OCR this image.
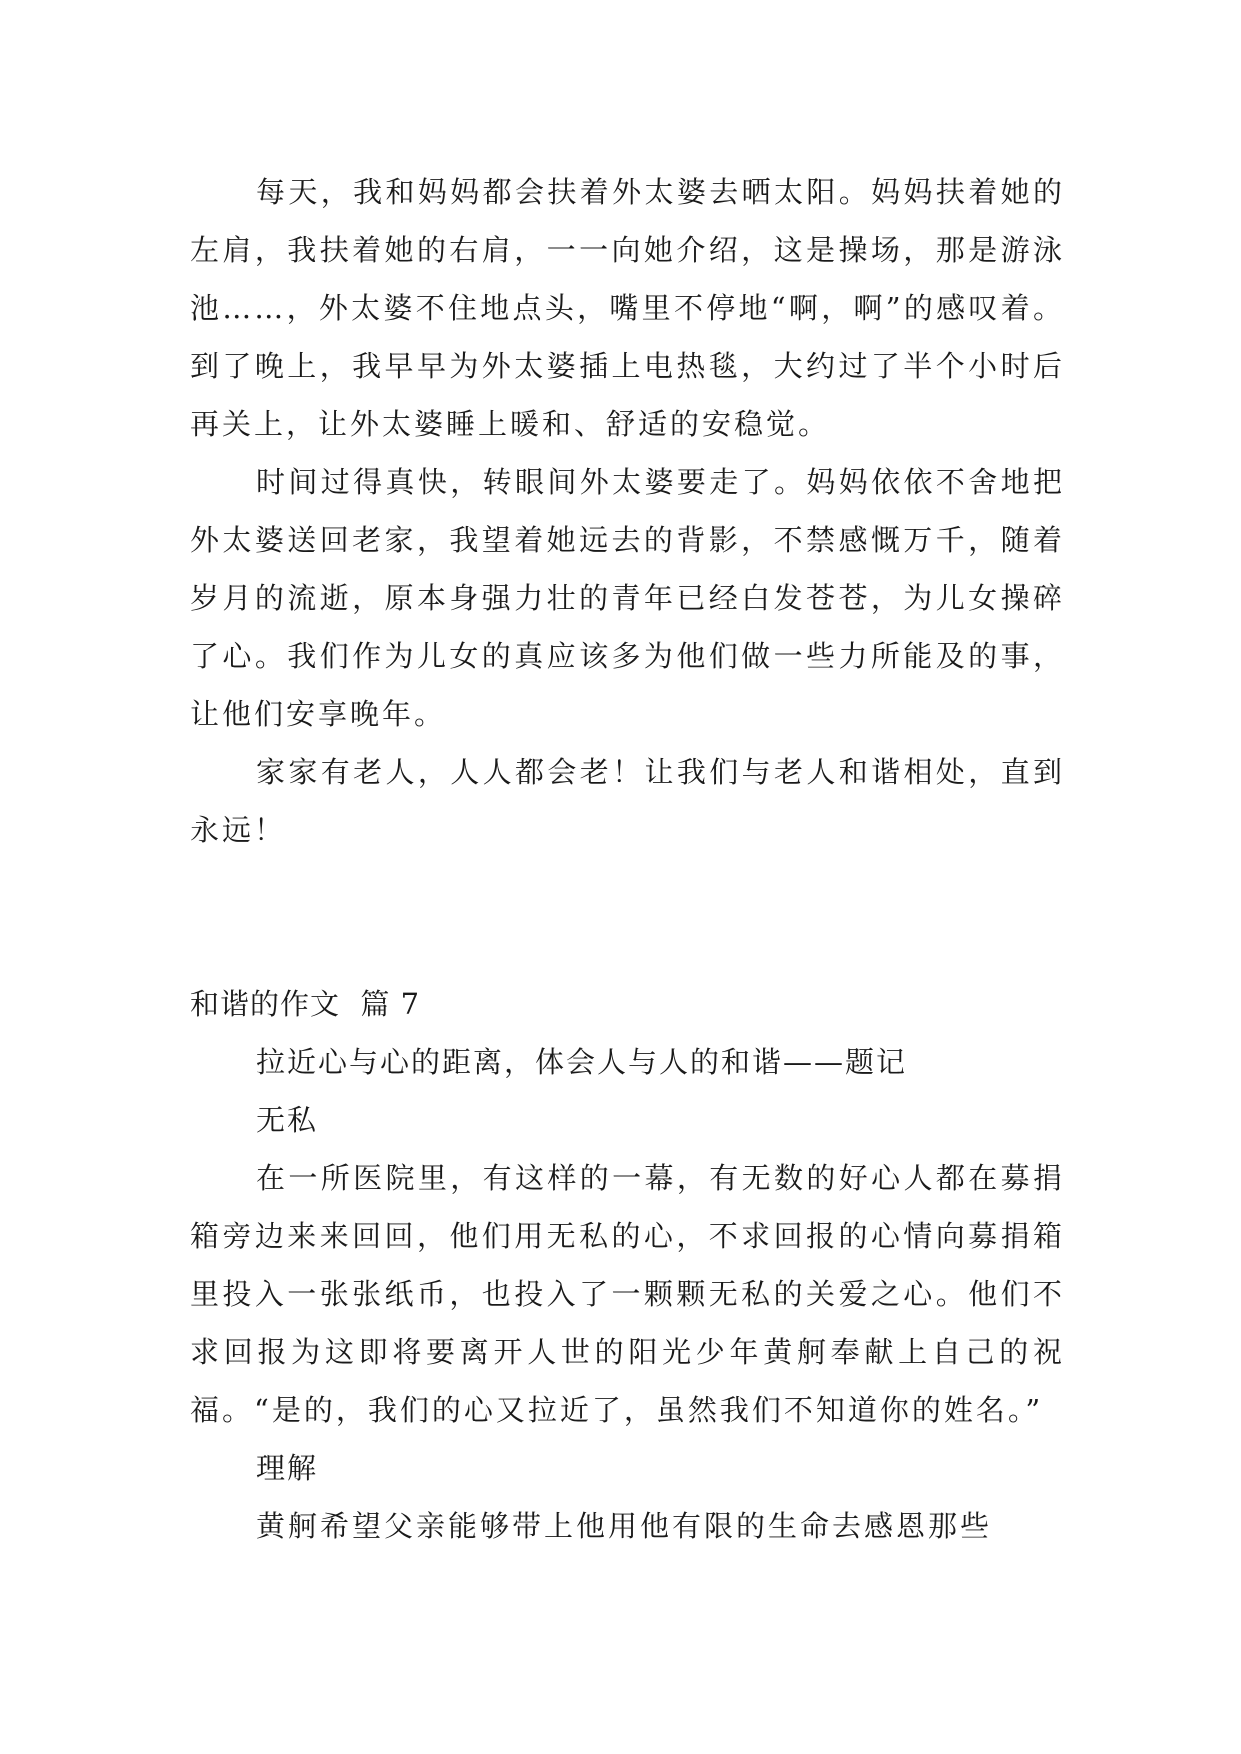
每天，我和妈妈都会扶着外太婆去晒太阳。妈妈扶着她的左肩，我扶着她的右肩，一一向她介绍，这是操场，那是游泳池……，外太婆不住地点头，嘴里不停地“啊，啊”的感叹着。到了晚上，我早早为外太婆插上电热毯，大约过了半个小时后再关上，让外太婆睡上暖和、舒适的安稳觉。

时间过得真快，转眼间外太婆要走了。妈妈依依不舍地把外太婆送回老家，我望着她远去的背影，不禁感慨万千，随着岁月的流逝，原本身强力壮的青年已经白发苍苍，为儿女操碎了心。我们作为儿女的真应该多为他们做一些力所能及的事，让他们安享晚年。

家家有老人，人人都会老！让我们与老人和谐相处，直到永远！

和谐的作文  篇 7

拉近心与心的距离，体会人与人的和谐——题记

无私

在一所医院里，有这样的一幕，有无数的好心人都在募捐箱旁边来来回回，他们用无私的心，不求回报的心情向募捐箱里投入一张张纸币，也投入了一颗颗无私的关爱之心。他们不求回报为这即将要离开人世的阳光少年黄舸奉献上自己的祝福。“是的，我们的心又拉近了，虽然我们不知道你的姓名。”

理解

黄舸希望父亲能够带上他用他有限的生命去感恩那些
